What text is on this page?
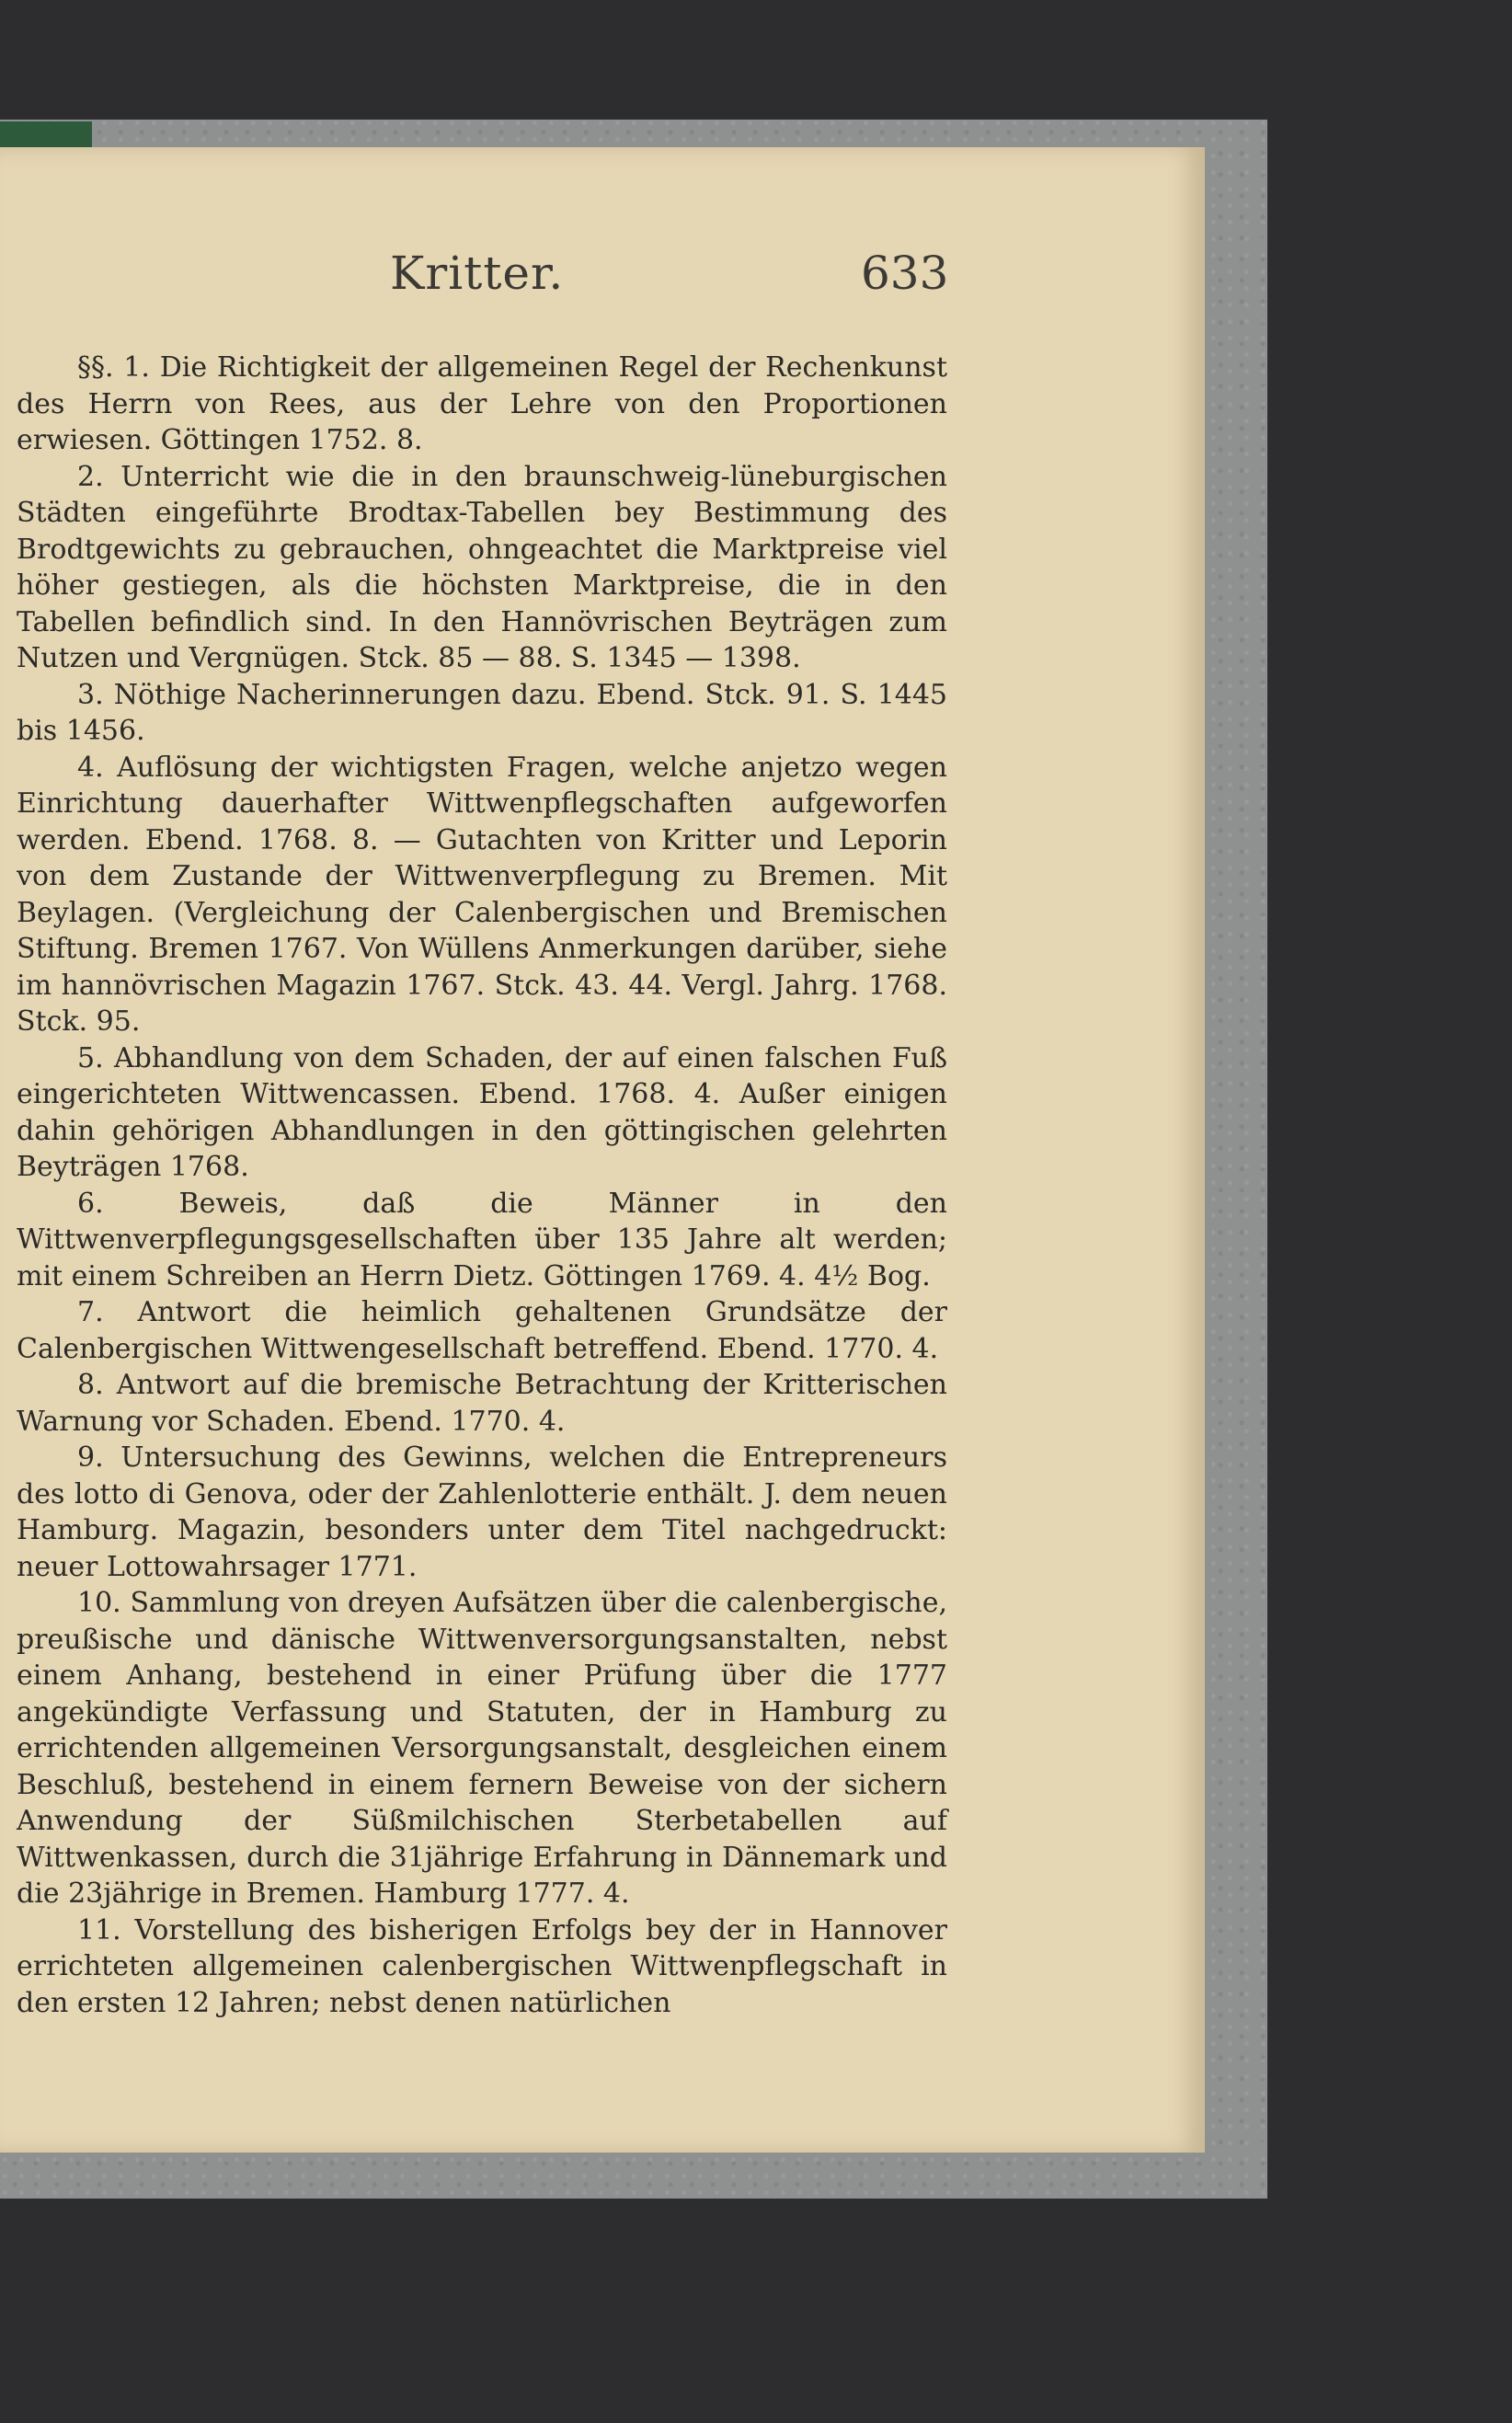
Kritter.	633

§§. 1. Die Richtigkeit der allgemeinen Regel der Rechenkunst des Herrn von Rees, aus der Lehre von den Proportionen erwiesen. Göttingen 1752. 8.

2. Unterricht wie die in den braunschweig-lüneburgischen Städten eingeführte Brodtax-Tabellen bey Bestimmung des Brodtgewichts zu gebrauchen, ohngeachtet die Marktpreise viel höher gestiegen, als die höchsten Marktpreise, die in den Tabellen befindlich sind. In den Hannövrischen Beyträgen zum Nutzen und Vergnügen. Stck. 85 — 88. S. 1345 — 1398.

3. Nöthige Nacherinnerungen dazu. Ebend. Stck. 91. S. 1445 bis 1456.

4. Auflösung der wichtigsten Fragen, welche anjetzo wegen Einrichtung dauerhafter Wittwenpflegschaften aufgeworfen werden. Ebend. 1768. 8. — Gutachten von Kritter und Leporin von dem Zustande der Wittwenverpflegung zu Bremen. Mit Beylagen. (Vergleichung der Calenbergischen und Bremischen Stiftung. Bremen 1767. Von Wüllens Anmerkungen darüber, siehe im hannövrischen Magazin 1767. Stck. 43. 44. Vergl. Jahrg. 1768. Stck. 95.

5. Abhandlung von dem Schaden, der auf einen falschen Fuß eingerichteten Wittwencassen. Ebend. 1768. 4. Außer einigen dahin gehörigen Abhandlungen in den göttingischen gelehrten Beyträgen 1768.

6. Beweis, daß die Männer in den Wittwenverpflegungsgesellschaften über 135 Jahre alt werden; mit einem Schreiben an Herrn Dietz. Göttingen 1769. 4. 4½ Bog.

7. Antwort die heimlich gehaltenen Grundsätze der Calenbergischen Wittwengesellschaft betreffend. Ebend. 1770. 4.

8. Antwort auf die bremische Betrachtung der Kritterischen Warnung vor Schaden. Ebend. 1770. 4.

9. Untersuchung des Gewinns, welchen die Entrepreneurs des lotto di Genova, oder der Zahlenlotterie enthält. J. dem neuen Hamburg. Magazin, besonders unter dem Titel nachgedruckt: neuer Lottowahrsager 1771.

10. Sammlung von dreyen Aufsätzen über die calenbergische, preußische und dänische Wittwenversorgungsanstalten, nebst einem Anhang, bestehend in einer Prüfung über die 1777 angekündigte Verfassung und Statuten, der in Hamburg zu errichtenden allgemeinen Versorgungsanstalt, desgleichen einem Beschluß, bestehend in einem fernern Beweise von der sichern Anwendung der Süßmilchischen Sterbetabellen auf Wittwenkassen, durch die 31jährige Erfahrung in Dännemark und die 23jährige in Bremen. Hamburg 1777. 4.

11. Vorstellung des bisherigen Erfolgs bey der in Hannover errichteten allgemeinen calenbergischen Wittwenpflegschaft in den ersten 12 Jahren; nebst denen natürlichen
